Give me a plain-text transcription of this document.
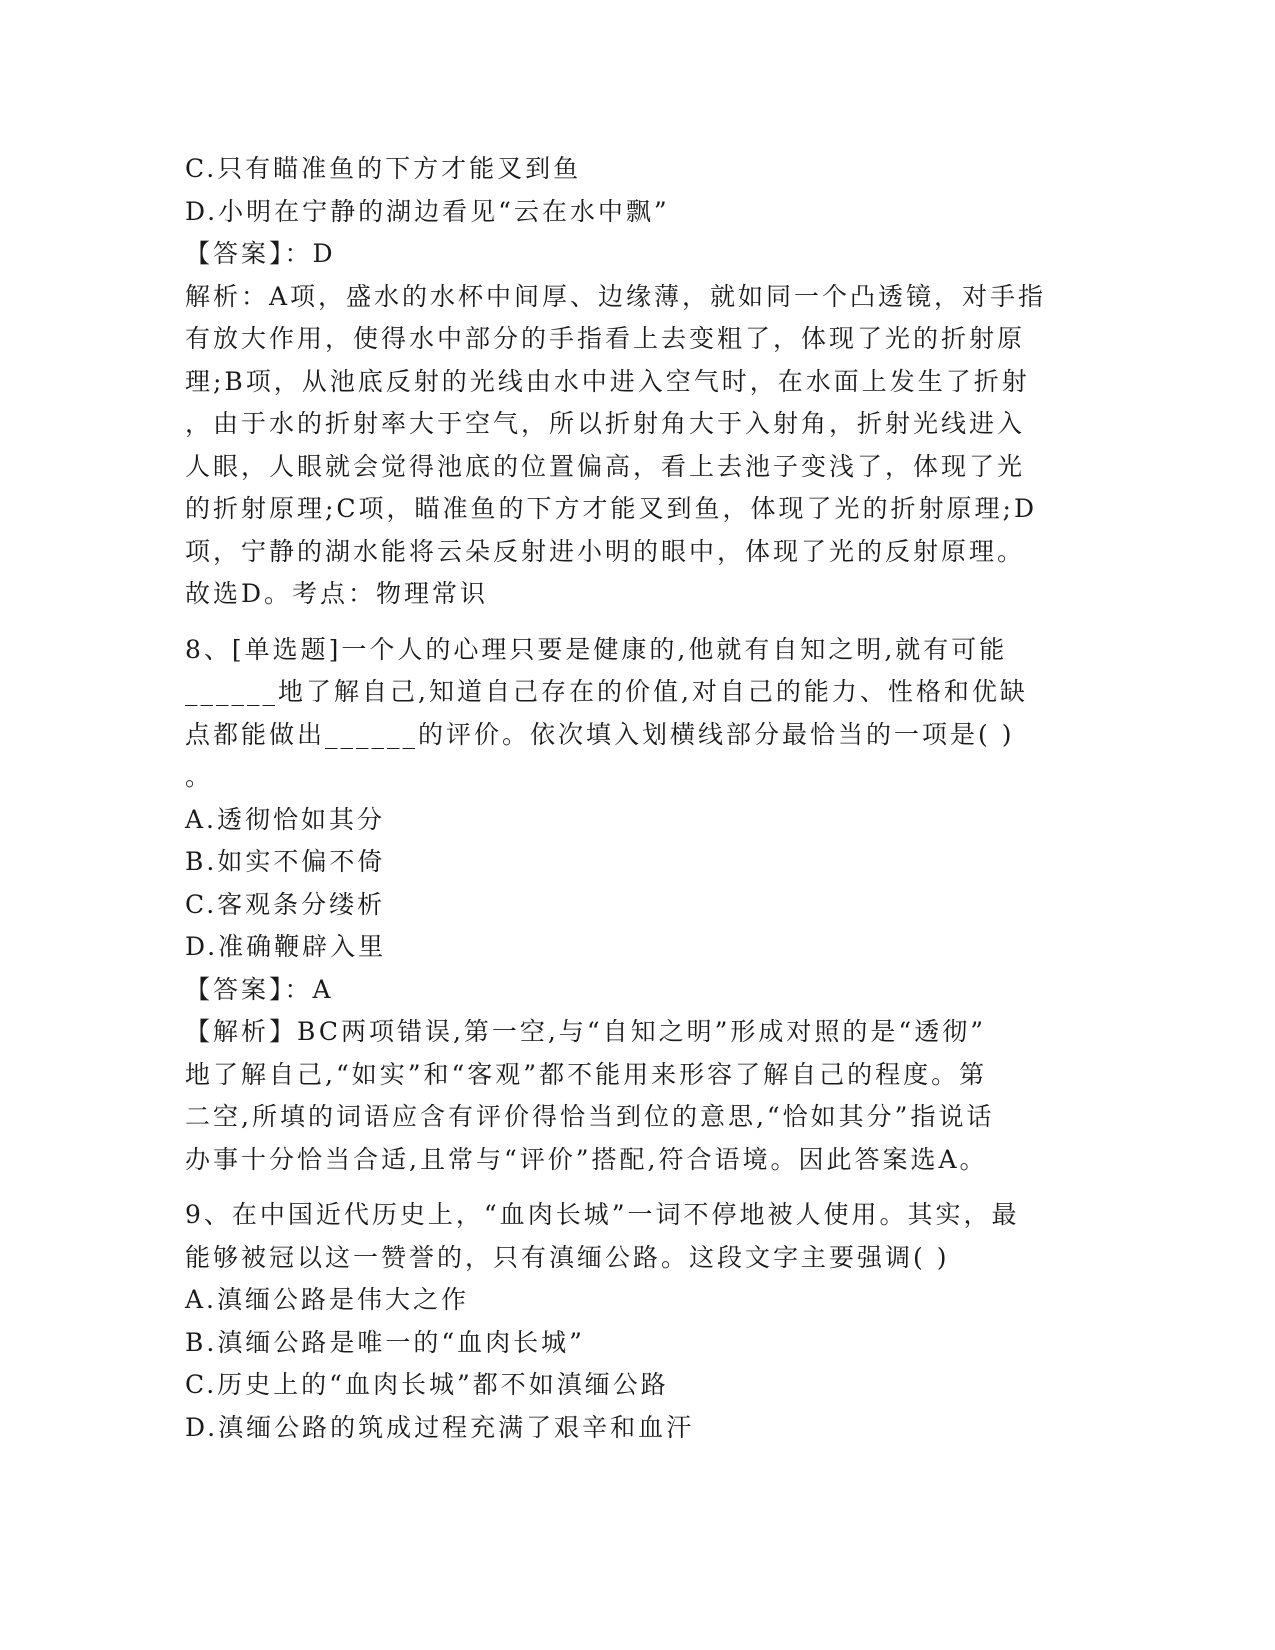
C.只有瞄准鱼的下方才能叉到鱼
D.小明在宁静的湖边看见“云在水中飘”
【答案】：D
解析：A项，盛水的水杯中间厚、边缘薄，就如同一个凸透镜，对手指
有放大作用，使得水中部分的手指看上去变粗了，体现了光的折射原
理;B项，从池底反射的光线由水中进入空气时，在水面上发生了折射
，由于水的折射率大于空气，所以折射角大于入射角，折射光线进入
人眼，人眼就会觉得池底的位置偏高，看上去池子变浅了，体现了光
的折射原理;C项，瞄准鱼的下方才能叉到鱼，体现了光的折射原理;D
项，宁静的湖水能将云朵反射进小明的眼中，体现了光的反射原理。
故选D。考点：物理常识
8、[单选题]一个人的心理只要是健康的,他就有自知之明,就有可能
______地了解自己,知道自己存在的价值,对自己的能力、性格和优缺
点都能做出______的评价。依次填入划横线部分最恰当的一项是( )
。
A.透彻恰如其分
B.如实不偏不倚
C.客观条分缕析
D.准确鞭辟入里
【答案】：A
【解析】BC两项错误,第一空,与“自知之明”形成对照的是“透彻”
地了解自己,“如实”和“客观”都不能用来形容了解自己的程度。第
二空,所填的词语应含有评价得恰当到位的意思,“恰如其分”指说话
办事十分恰当合适,且常与“评价”搭配,符合语境。因此答案选A。
9、在中国近代历史上，“血肉长城”一词不停地被人使用。其实，最
能够被冠以这一赞誉的，只有滇缅公路。这段文字主要强调( )
A.滇缅公路是伟大之作
B.滇缅公路是唯一的“血肉长城”
C.历史上的“血肉长城”都不如滇缅公路
D.滇缅公路的筑成过程充满了艰辛和血汗
